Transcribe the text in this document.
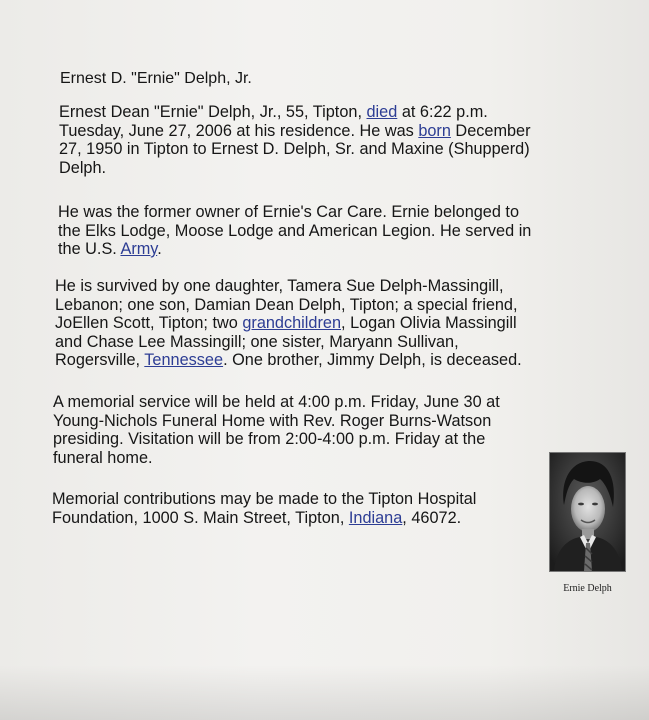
Ernest D. "Ernie" Delph, Jr.
Ernest Dean "Ernie" Delph, Jr., 55, Tipton, died at 6:22 p.m.
Tuesday, June 27, 2006 at his residence. He was born December
27, 1950 in Tipton to Ernest D. Delph, Sr. and Maxine (Shupperd)
Delph.
He was the former owner of Ernie's Car Care. Ernie belonged to
the Elks Lodge, Moose Lodge and American Legion. He served in
the U.S. Army.
He is survived by one daughter, Tamera Sue Delph-Massingill,
Lebanon; one son, Damian Dean Delph, Tipton; a special friend,
JoEllen Scott, Tipton; two grandchildren, Logan Olivia Massingill
and Chase Lee Massingill; one sister, Maryann Sullivan,
Rogersville, Tennessee. One brother, Jimmy Delph, is deceased.
A memorial service will be held at 4:00 p.m. Friday, June 30 at
Young-Nichols Funeral Home with Rev. Roger Burns-Watson
presiding. Visitation will be from 2:00-4:00 p.m. Friday at the
funeral home.
Memorial contributions may be made to the Tipton Hospital
Foundation, 1000 S. Main Street, Tipton, Indiana, 46072.
Ernie Delph
